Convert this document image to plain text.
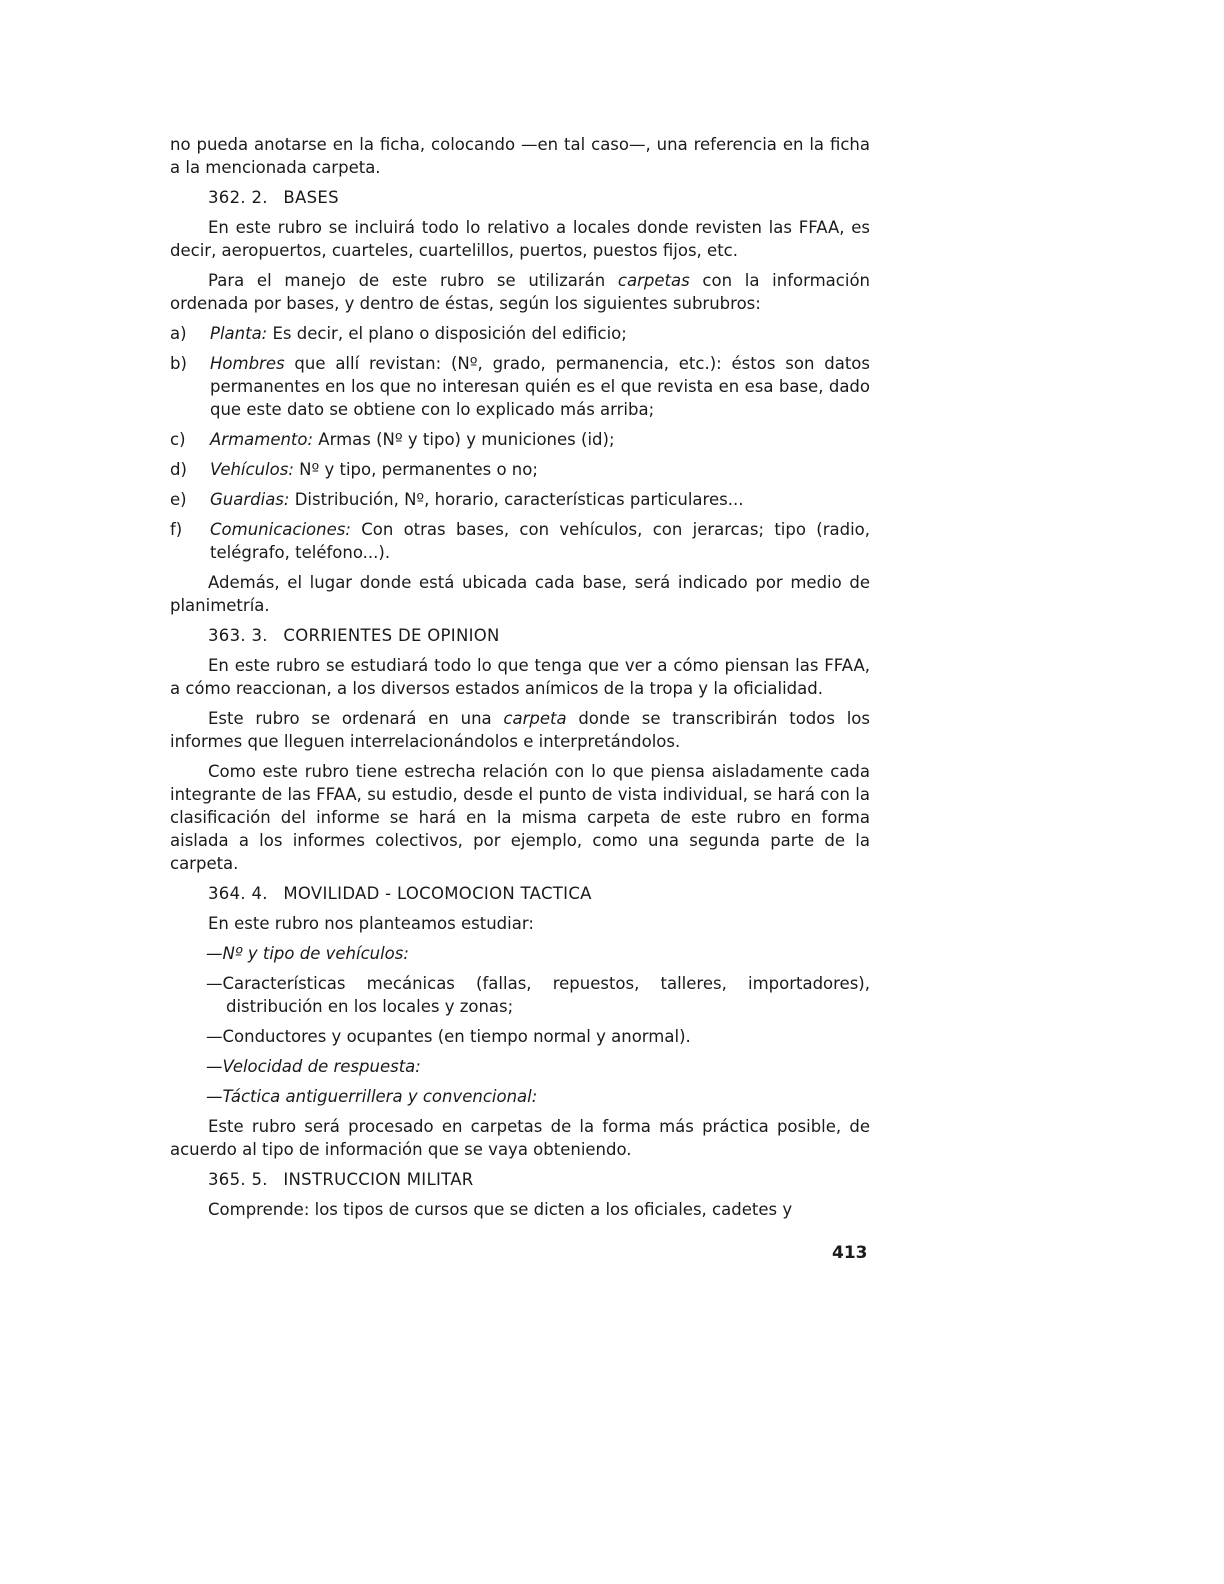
no pueda anotarse en la ficha, colocando —en tal caso—, una referencia en la ficha a la mencionada carpeta.

362. 2. BASES

En este rubro se incluirá todo lo relativo a locales donde revisten las FFAA, es decir, aeropuertos, cuarteles, cuartelillos, puertos, puestos fijos, etc.

Para el manejo de este rubro se utilizarán carpetas con la información ordenada por bases, y dentro de éstas, según los siguientes subrubros:

a)	Planta: Es decir, el plano o disposición del edificio;
b)	Hombres que allí revistan: (Nº, grado, permanencia, etc.): éstos son datos permanentes en los que no interesan quién es el que revista en esa base, dado que este dato se obtiene con lo explicado más arriba;
c)	Armamento: Armas (Nº y tipo) y municiones (id);
d)	Vehículos: Nº y tipo, permanentes o no;
e)	Guardias: Distribución, Nº, horario, características particulares...
f)	Comunicaciones: Con otras bases, con vehículos, con jerarcas; tipo (radio, telégrafo, teléfono...).

Además, el lugar donde está ubicada cada base, será indicado por medio de planimetría.

363. 3. CORRIENTES DE OPINION

En este rubro se estudiará todo lo que tenga que ver a cómo piensan las FFAA, a cómo reaccionan, a los diversos estados anímicos de la tropa y la oficialidad.

Este rubro se ordenará en una carpeta donde se transcribirán todos los informes que lleguen interrelacionándolos e interpretándolos.

Como este rubro tiene estrecha relación con lo que piensa aisladamente cada integrante de las FFAA, su estudio, desde el punto de vista individual, se hará con la clasificación del informe se hará en la misma carpeta de este rubro en forma aislada a los informes colectivos, por ejemplo, como una segunda parte de la carpeta.

364. 4. MOVILIDAD - LOCOMOCION TACTICA

En este rubro nos planteamos estudiar:

—Nº y tipo de vehículos:

—Características mecánicas (fallas, repuestos, talleres, importadores), distribución en los locales y zonas;

—Conductores y ocupantes (en tiempo normal y anormal).

—Velocidad de respuesta:

—Táctica antiguerrillera y convencional:

Este rubro será procesado en carpetas de la forma más práctica posible, de acuerdo al tipo de información que se vaya obteniendo.

365. 5. INSTRUCCION MILITAR

Comprende: los tipos de cursos que se dicten a los oficiales, cadetes y

413
